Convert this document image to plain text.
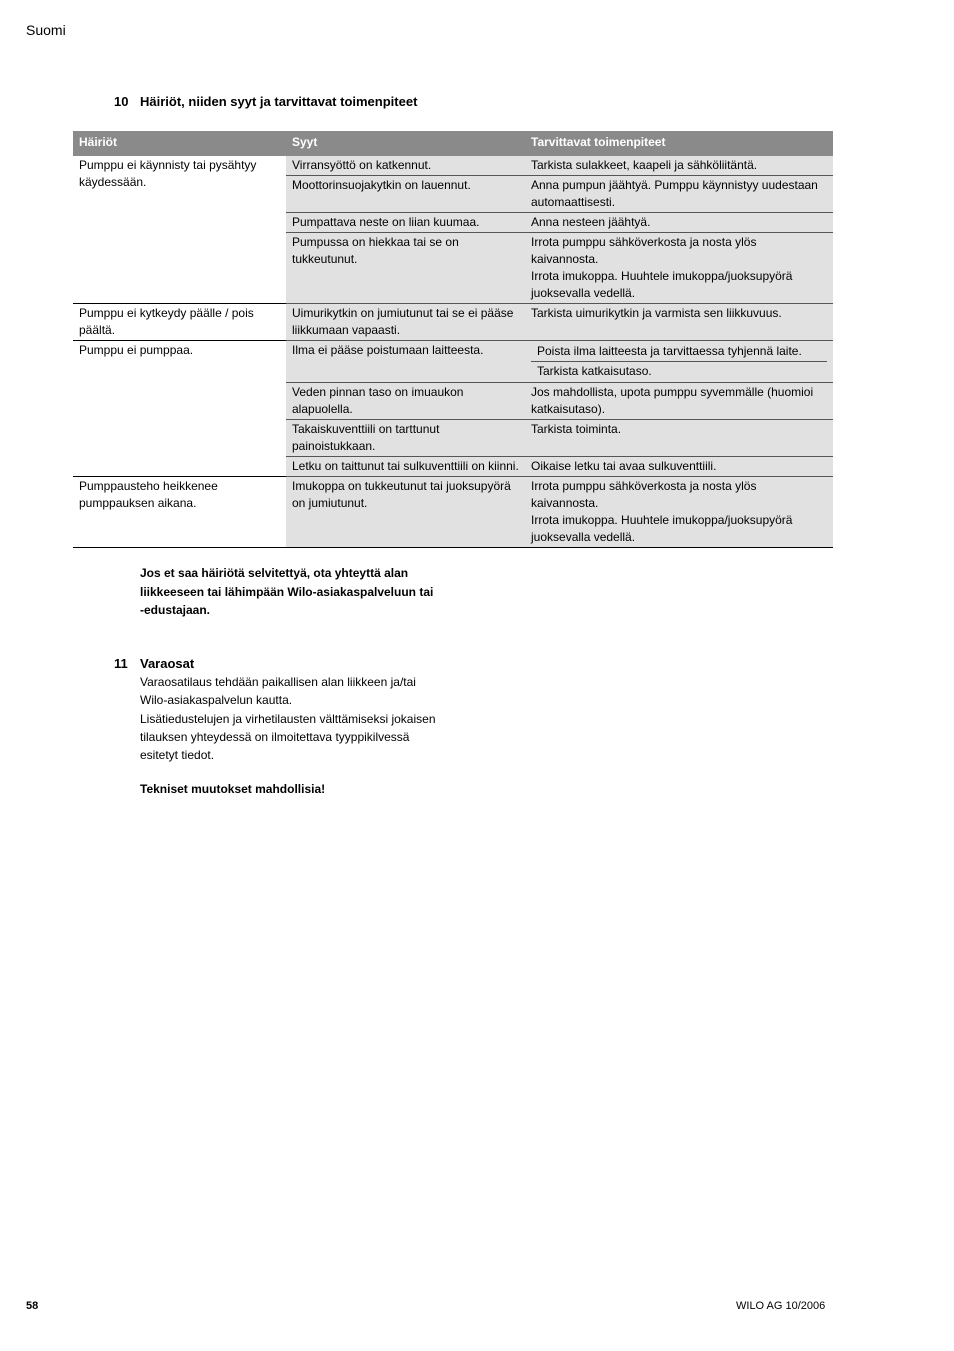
Suomi
10 Häiriöt, niiden syyt ja tarvittavat toimenpiteet
Häiriöt	Syyt	Tarvittavat toimenpiteet
Pumppu ei käynnisty tai pysähtyy käydessään.	Virransyöttö on katkennut.	Tarkista sulakkeet, kaapeli ja sähköliitäntä.

	Moottorinsuojakytkin on lauennut.	Anna pumpun jäähtyä. Pumppu käynnistyy uudestaan automaattisesti.

	Pumpattava neste on liian kuumaa.	Anna nesteen jäähtyä.

	Pumpussa on hiekkaa tai se on tukkeutunut.	Irrota pumppu sähköverkosta ja nosta ylös kaivannosta.
Irrota imukoppa. Huuhtele imukoppa/juoksupyörä juoksevalla vedellä.

Pumppu ei kytkeydy päälle / pois päältä.	Uimurikytkin on jumiutunut tai se ei pääse liikkumaan vapaasti.	Tarkista uimurikytkin ja varmista sen liikkuvuus.

Pumppu ei pumppaa.	Ilma ei pääse poistumaan laitteesta.	Poista ilma laitteesta ja tarvittaessa tyhjennä laite.
Tarkista katkaisutaso.

	Veden pinnan taso on imuaukon alapuolella.	Jos mahdollista, upota pumppu syvemmälle (huomioi katkaisutaso).

	Takaiskuventtiili on tarttunut painoistukkaan.	Tarkista toiminta.

	Letku on taittunut tai sulkuventtiili on kiinni.	Oikaise letku tai avaa sulkuventtiili.

Pumppausteho heikkenee pumppauksen aikana.	Imukoppa on tukkeutunut tai juoksupyörä on jumiutunut.	Irrota pumppu sähköverkosta ja nosta ylös kaivannosta.
Irrota imukoppa. Huuhtele imukoppa/juoksupyörä juoksevalla vedellä.
Jos et saa häiriötä selvitettyä, ota yhteyttä alan liikkeeseen tai lähimpään Wilo-asiakaspalveluun tai -edustajaan.
11 Varaosat

Varaosatilaus tehdään paikallisen alan liikkeen ja/tai Wilo-asiakaspalvelun kautta.

Lisätiedustelujen ja virhetilausten välttämiseksi jokaisen tilauksen yhteydessä on ilmoitettava tyyppikilvessä esitetyt tiedot.

Tekniset muutokset mahdollisia!
58	WILO AG 10/2006
